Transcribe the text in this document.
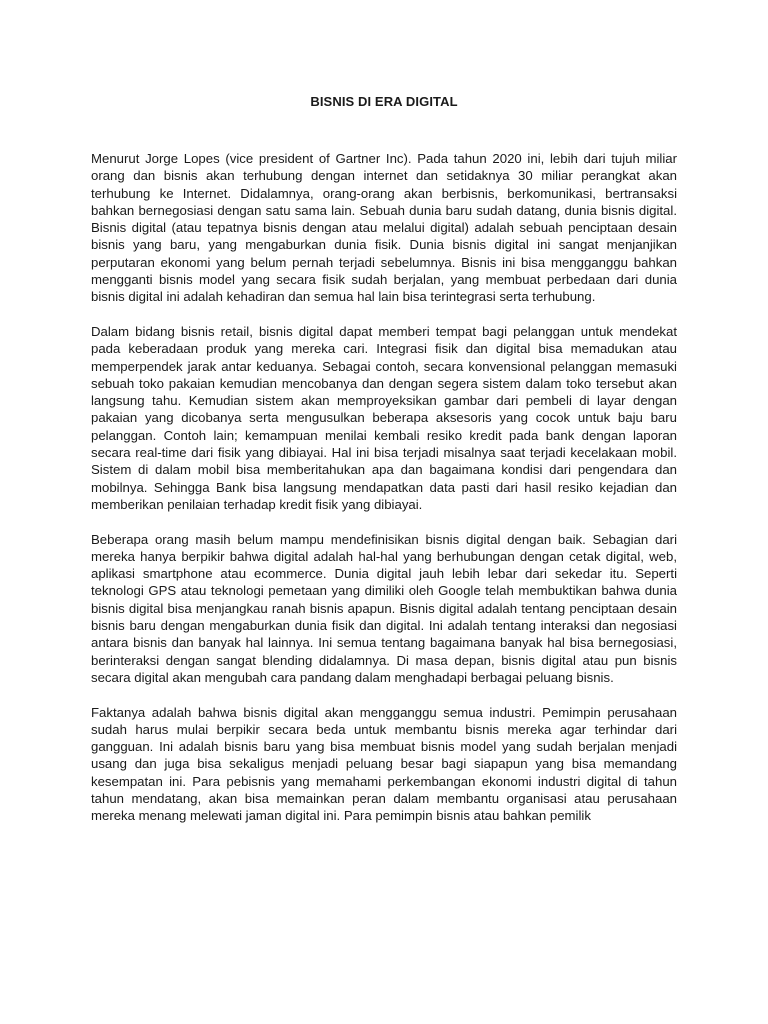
BISNIS DI ERA DIGITAL

Menurut Jorge Lopes (vice president of Gartner Inc). Pada tahun 2020 ini, lebih dari tujuh miliar orang dan bisnis akan terhubung dengan internet dan setidaknya 30 miliar perangkat akan terhubung ke Internet. Didalamnya, orang-orang akan berbisnis, berkomunikasi, bertransaksi bahkan bernegosiasi dengan satu sama lain. Sebuah dunia baru sudah datang, dunia bisnis digital. Bisnis digital (atau tepatnya bisnis dengan atau melalui digital) adalah sebuah penciptaan desain bisnis yang baru, yang mengaburkan dunia fisik. Dunia bisnis digital ini sangat menjanjikan perputaran ekonomi yang belum pernah terjadi sebelumnya. Bisnis ini bisa mengganggu bahkan mengganti bisnis model yang secara fisik sudah berjalan, yang membuat perbedaan dari dunia bisnis digital ini adalah kehadiran dan semua hal lain bisa terintegrasi serta terhubung.

Dalam bidang bisnis retail, bisnis digital dapat memberi tempat bagi pelanggan untuk mendekat pada keberadaan produk yang mereka cari. Integrasi fisik dan digital bisa memadukan atau memperpendek jarak antar keduanya. Sebagai contoh, secara konvensional pelanggan memasuki sebuah toko pakaian kemudian mencobanya dan dengan segera sistem dalam toko tersebut akan langsung tahu. Kemudian sistem akan memproyeksikan gambar dari pembeli di layar dengan pakaian yang dicobanya serta mengusulkan beberapa aksesoris yang cocok untuk baju baru pelanggan. Contoh lain; kemampuan menilai kembali resiko kredit pada bank dengan laporan secara real-time dari fisik yang dibiayai. Hal ini bisa terjadi misalnya saat terjadi kecelakaan mobil. Sistem di dalam mobil bisa memberitahukan apa dan bagaimana kondisi dari pengendara dan mobilnya. Sehingga Bank bisa langsung mendapatkan data pasti dari hasil resiko kejadian dan memberikan penilaian terhadap kredit fisik yang dibiayai.

Beberapa orang masih belum mampu mendefinisikan bisnis digital dengan baik. Sebagian dari mereka hanya berpikir bahwa digital adalah hal-hal yang berhubungan dengan cetak digital, web, aplikasi smartphone atau ecommerce. Dunia digital jauh lebih lebar dari sekedar itu. Seperti teknologi GPS atau teknologi pemetaan yang dimiliki oleh Google telah membuktikan bahwa dunia bisnis digital bisa menjangkau ranah bisnis apapun. Bisnis digital adalah tentang penciptaan desain bisnis baru dengan mengaburkan dunia fisik dan digital. Ini adalah tentang interaksi dan negosiasi antara bisnis dan banyak hal lainnya. Ini semua tentang bagaimana banyak hal bisa bernegosiasi, berinteraksi dengan sangat blending didalamnya. Di masa depan, bisnis digital atau pun bisnis secara digital akan mengubah cara pandang dalam menghadapi berbagai peluang bisnis.

Faktanya adalah bahwa bisnis digital akan mengganggu semua industri. Pemimpin perusahaan sudah harus mulai berpikir secara beda untuk membantu bisnis mereka agar terhindar dari gangguan. Ini adalah bisnis baru yang bisa membuat bisnis model yang sudah berjalan menjadi usang dan juga bisa sekaligus menjadi peluang besar bagi siapapun yang bisa memandang kesempatan ini. Para pebisnis yang memahami perkembangan ekonomi industri digital di tahun tahun mendatang, akan bisa memainkan peran dalam membantu organisasi atau perusahaan mereka menang melewati jaman digital ini. Para pemimpin bisnis atau bahkan pemilik
